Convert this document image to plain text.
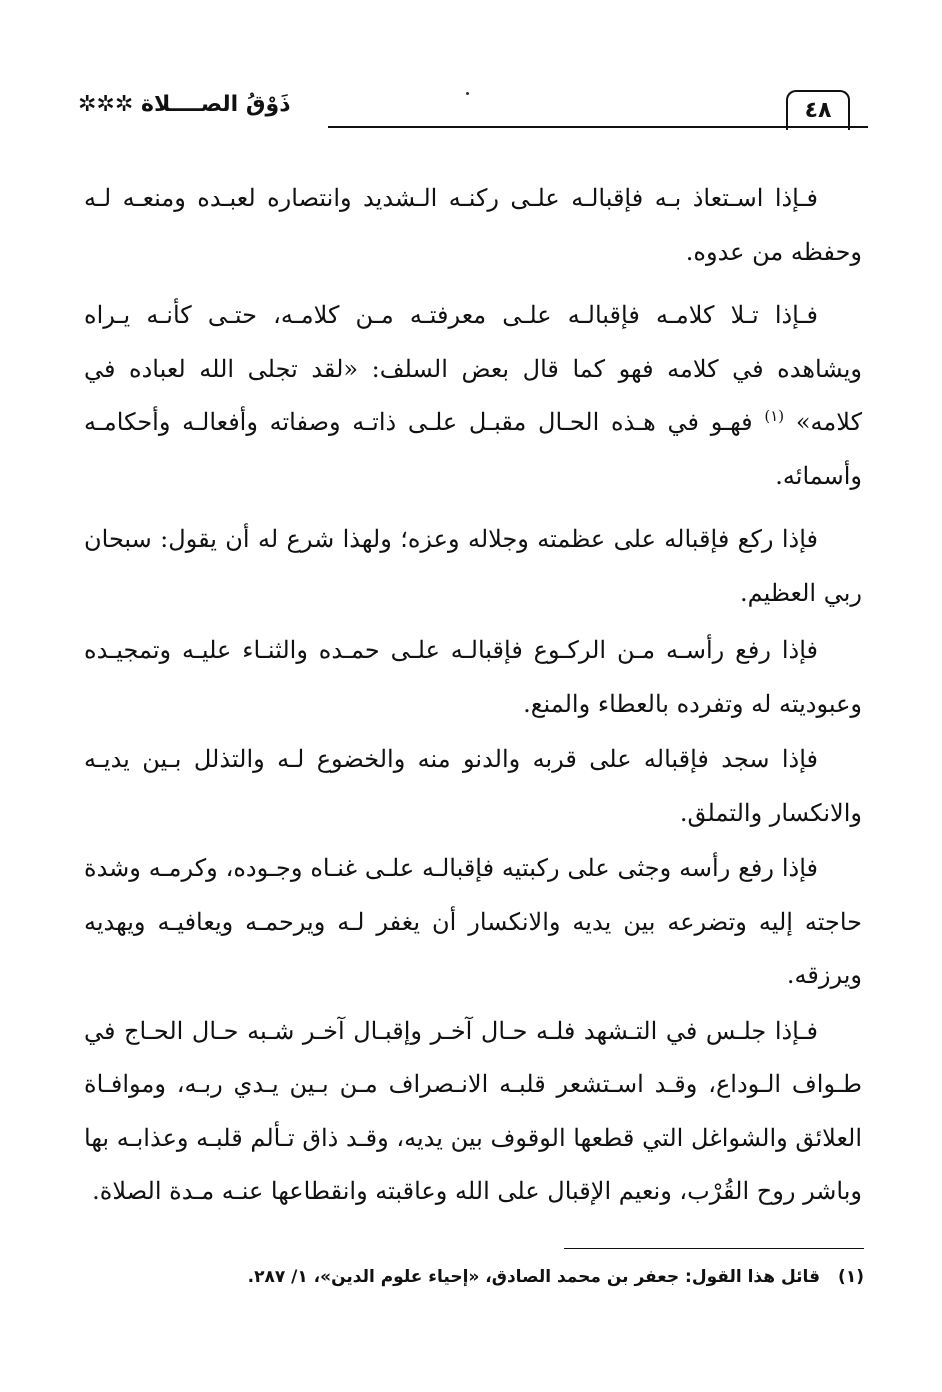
٤٨
ذَوْقُ الصــــلاة ✲✲✲

فـإذا اسـتعاذ بـه فإقبالـه علـى ركنـه الـشديد وانتصاره لعبـده ومنعـه لـه وحفظه من عدوه.

فـإذا تـلا كلامـه فإقبالـه علـى معرفتـه مـن كلامـه، حتـى كأنـه يـراه ويشاهده في كلامه فهو كما قال بعض السلف: «لقد تجلى الله لعباده في كلامه» $^{(١)}$ فهـو في هـذه الحـال مقبـل علـى ذاتـه وصفاته وأفعالـه وأحكامـه وأسمائه.

فإذا ركع فإقباله على عظمته وجلاله وعزه؛ ولهذا شرع له أن يقول: سبحان ربي العظيم.

فإذا رفع رأسـه مـن الركـوع فإقبالـه علـى حمـده والثنـاء عليـه وتمجيـده وعبوديته له وتفرده بالعطاء والمنع.

فإذا سجد فإقباله على قربه والدنو منه والخضوع لـه والتذلل بـين يديـه والانكسار والتملق.

فإذا رفع رأسه وجثى على ركبتيه فإقبالـه علـى غنـاه وجـوده، وكرمـه وشدة حاجته إليه وتضرعه بين يديه والانكسار أن يغفر لـه ويرحمـه ويعافيـه ويهديه ويرزقه.

فـإذا جلـس في التـشهد فلـه حـال آخـر وإقبـال آخـر شـبه حـال الحـاج في طـواف الـوداع، وقـد اسـتشعر قلبـه الانـصراف مـن بـين يـدي ربـه، وموافـاة العلائق والشواغل التي قطعها الوقوف بين يديه، وقـد ذاق تـألم قلبـه وعذابـه بها وباشر روح القُرْب، ونعيم الإقبال على الله وعاقبته وانقطاعها عنـه مـدة الصلاة.

(١)قائل هذا القول: جعفر بن محمد الصادق، «إحياء علوم الدين»، ١/ ٢٨٧.
